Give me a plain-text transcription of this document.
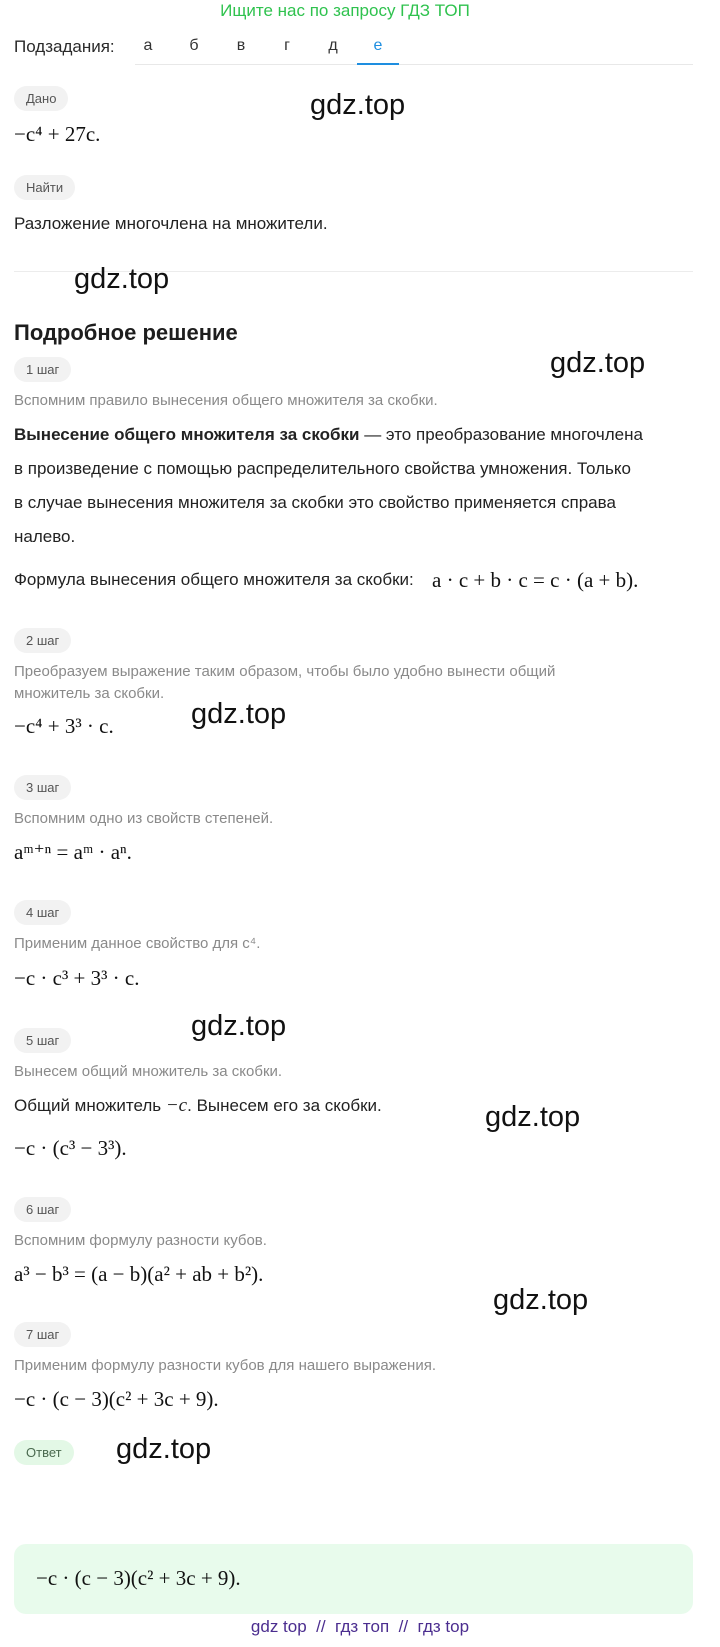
Ищите нас по запросу ГДЗ ТОП
Подзадания:	а	б	в	г	д	е
Дано
−c⁴ + 27c.
Найти
Разложение многочлена на множители.
Подробное решение
1 шаг
Вспомним правило вынесения общего множителя за скобки.
Вынесение общего множителя за скобки — это преобразование многочлена
в произведение с помощью распределительного свойства умножения. Только
в случае вынесения множителя за скобки это свойство применяется справа
налево.
Формула вынесения общего множителя за скобки: a · c + b · c = c · (a + b).
2 шаг
Преобразуем выражение таким образом, чтобы было удобно вынести общий множитель за скобки.
−c⁴ + 3³ · c.
3 шаг
Вспомним одно из свойств степеней.
aᵐ⁺ⁿ = aᵐ · aⁿ.
4 шаг
Применим данное свойство для c⁴.
−c · c³ + 3³ · c.
5 шаг
Вынесем общий множитель за скобки.
Общий множитель −c. Вынесем его за скобки.
−c · (c³ − 3³).
6 шаг
Вспомним формулу разности кубов.
a³ − b³ = (a − b)(a² + ab + b²).
7 шаг
Применим формулу разности кубов для нашего выражения.
−c · (c − 3)(c² + 3c + 9).
Ответ
−c · (c − 3)(c² + 3c + 9).
gdz.top
gdz.top
gdz.top
gdz.top
gdz.top
gdz.top
gdz.top
gdz.top
gdz top // гдз топ // гдз top
